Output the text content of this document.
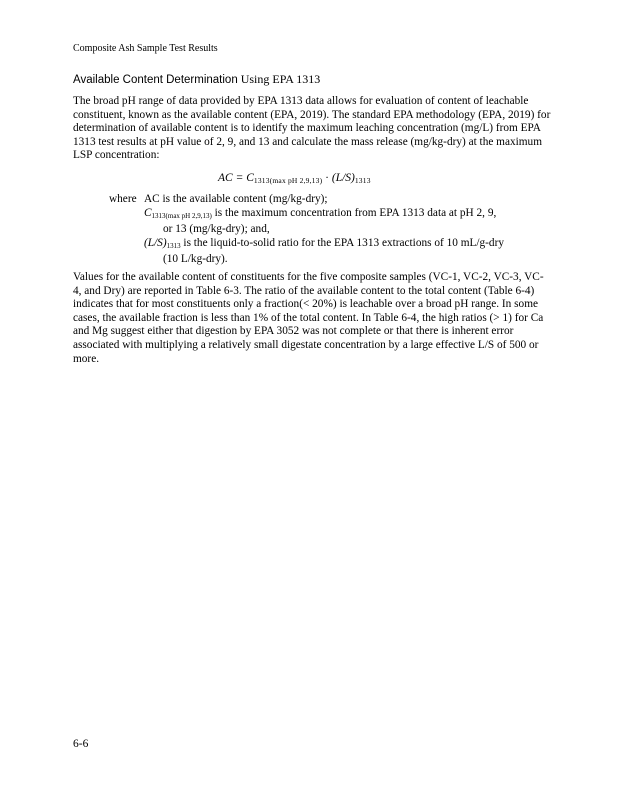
Composite Ash Sample Test Results
Available Content Determination Using EPA 1313

The broad pH range of data provided by EPA 1313 data allows for evaluation of content of leachable constituent, known as the available content (EPA, 2019). The standard EPA methodology (EPA, 2019) for determination of available content is to identify the maximum leaching concentration (mg/L) from EPA 1313 test results at pH value of 2, 9, and 13 and calculate the mass release (mg/kg-dry) at the maximum LSP concentration:

AC = $C_{1313(max pH 2,9,13)} \cdot (L/S)_{1313}$
where AC is the available content (mg/kg-dry);
$C_{1313(max pH 2,9,13)}$ is the maximum concentration from EPA 1313 data at pH 2, 9,
or 13 (mg/kg-dry); and,
$(L/S)_{1313}$ is the liquid-to-solid ratio for the EPA 1313 extractions of 10 mL/g-dry
(10 L/kg-dry).

Values for the available content of constituents for the five composite samples (VC-1, VC-2, VC-3, VC-4, and Dry) are reported in Table 6-3. The ratio of the available content to the total content (Table 6-4) indicates that for most constituents only a fraction(< 20%) is leachable over a broad pH range. In some cases, the available fraction is less than 1% of the total content. In Table 6-4, the high ratios (> 1) for Ca and Mg suggest either that digestion by EPA 3052 was not complete or that there is inherent error associated with multiplying a relatively small digestate concentration by a large effective L/S of 500 or more.

6-6
